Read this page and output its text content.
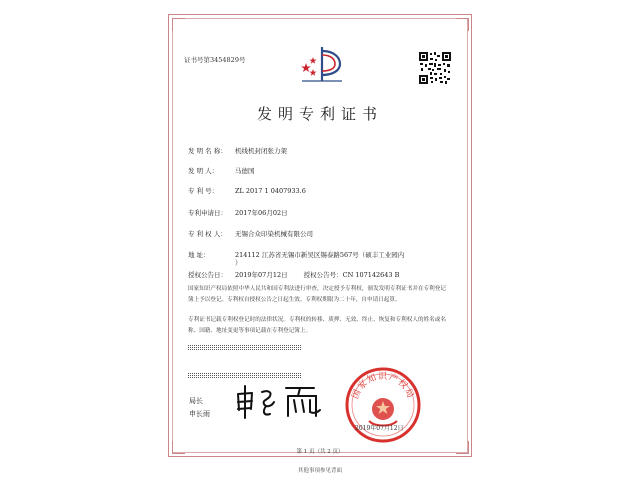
证书号第3454829号
发明专利证书
发 明 名 称： 机线机封闭张力架
发 明 人：	马德国
专 利 号：	ZL 2017 1 0407933.6
专利申请日： 2017年06月02日
专 利 权 人： 无锡合众印染机械有限公司
地 址：	214112 江苏省无锡市新吴区锡泰路567号（硕丰工业园内
）
授权公告日： 2019年07月12日 授权公告号：CN 107142643 B
国家知识产权局依照中华人民共和国专利法进行审查，决定授予专利权，颁发发明专利证书并在专利登记簿上予以登记。专利权自授权公告之日起生效。专利权期限为二十年，自申请日起算。
专利证书记载专利权登记时的法律状况。专利权的转移、质押、无效、终止、恢复和专利权人的姓名或名称、国籍、地址变更等事项记载在专利登记簿上。
局长
申长雨
国家知识产权局
2019年07月12日
第 1 页（共 2 页）
其他事项参见背面
